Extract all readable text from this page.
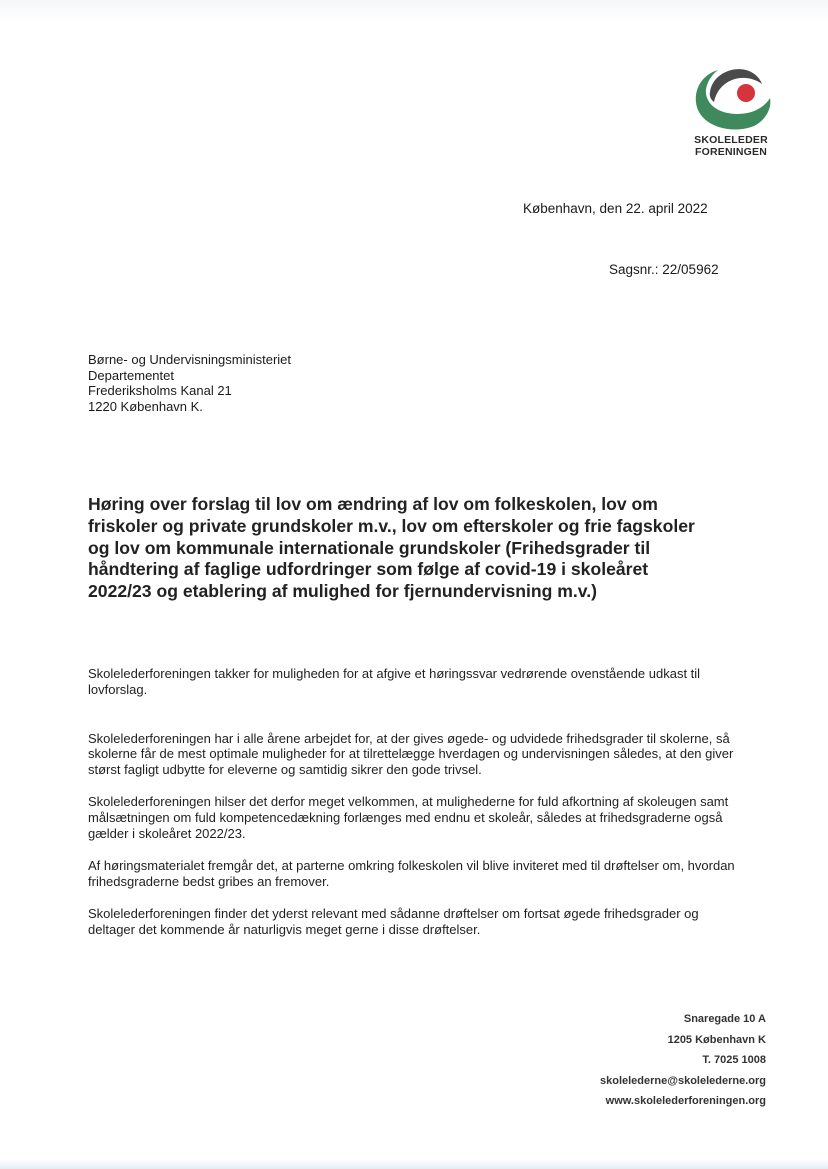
SKOLELEDER
FORENINGEN
København, den 22. april 2022
Sagsnr.: 22/05962
Børne- og Undervisningsministeriet
Departementet
Frederiksholms Kanal 21
1220 København K.
Høring over forslag til lov om ændring af lov om folkeskolen, lov om
friskoler og private grundskoler m.v., lov om efterskoler og frie fagskoler
og lov om kommunale internationale grundskoler (Frihedsgrader til
håndtering af faglige udfordringer som følge af covid-19 i skoleåret
2022/23 og etablering af mulighed for fjernundervisning m.v.)

Skolelederforeningen takker for muligheden for at afgive et høringssvar vedrørende ovenstående udkast til lovforslag.

Skolelederforeningen har i alle årene arbejdet for, at der gives øgede- og udvidede frihedsgrader til skolerne, så skolerne får de mest optimale muligheder for at tilrettelægge hverdagen og undervisningen således, at den giver størst fagligt udbytte for eleverne og samtidig sikrer den gode trivsel.

Skolelederforeningen hilser det derfor meget velkommen, at mulighederne for fuld afkortning af skoleugen samt målsætningen om fuld kompetencedækning forlænges med endnu et skoleår, således at frihedsgraderne også gælder i skoleåret 2022/23.

Af høringsmaterialet fremgår det, at parterne omkring folkeskolen vil blive inviteret med til drøftelser om, hvordan frihedsgraderne bedst gribes an fremover.

Skolelederforeningen finder det yderst relevant med sådanne drøftelser om fortsat øgede frihedsgrader og deltager det kommende år naturligvis meget gerne i disse drøftelser.

Snaregade 10 A
1205 København K
T. 7025 1008
skolelederne@skolelederne.org
www.skolelederforeningen.org
